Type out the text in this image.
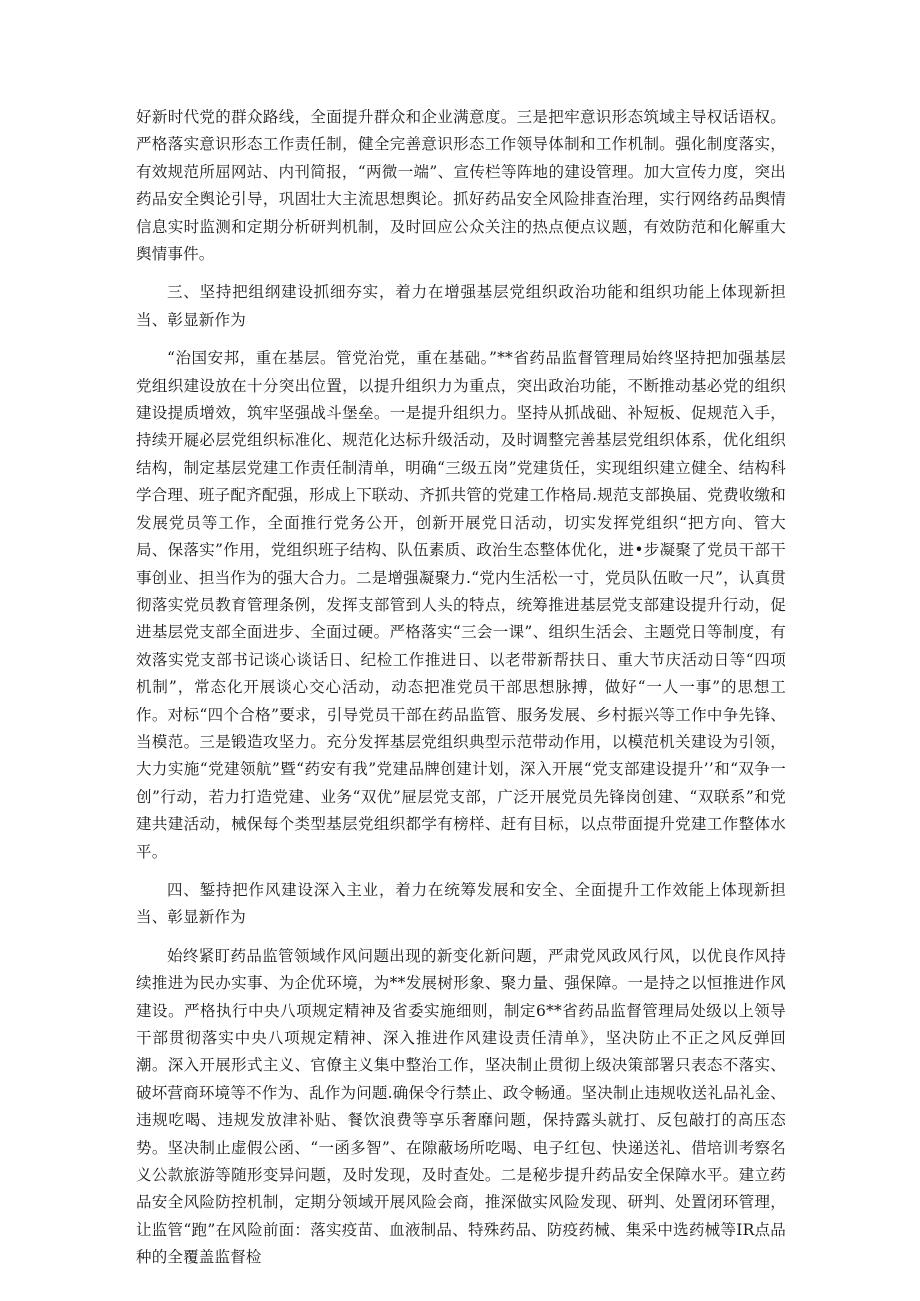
好新时代党的群众路线，全面提升群众和企业满意度。三是把牢意识形态筑域主导权话语权。严格落实意识形态工作责任制，健全完善意识形态工作领导体制和工作机制。强化制度落实，有效规范所屈网站、内刊简报，“两微一端”、宣传栏等阵地的建设管理。加大宣传力度，突出药品安全舆论引导，巩固壮大主流思想舆论。抓好药品安全风险排查治理，实行网络药品舆情信息实时监测和定期分析研判机制，及时回应公众关注的热点便点议题，有效防范和化解重大舆情事件。

三、坚持把组纲建设抓细夯实，着力在增强基层党组织政治功能和组织功能上体现新担当、彰显新作为

“治国安邦，重在基层。管党治党，重在基础。”**省药品监督管理局始终坚持把加强基层党组织建设放在十分突出位置，以提升组织力为重点，突出政治功能，不断推动基必党的组织建设提质增效，筑牢坚强战斗堡垒。一是提升组织力。坚持从抓战础、补短板、促规范入手，持续开屣必层党组织标准化、规范化达标升级活动，及时调整完善基层党组织体系，优化组织结构，制定基层党建工作责任制清单，明确“三级五岗”党建货任，实现组织建立健全、结构科学合理、班子配齐配强，形成上下联动、齐抓共管的党建工作格局.规范支部换届、党费收缴和发展党员等工作，全面推行党务公开，创新开展党日活动，切实发挥党组织“把方向、管大局、保落实”作用，党组织班子结构、队伍素质、政治生态整体优化，进•步凝聚了党员干部干事创业、担当作为的强大合力。二是增强凝聚力.“党内生活松一寸，党员队伍畋一尺”，认真贯彻落实党员教育管理条例，发挥支部管到人头的特点，统筹推进基层党支部建设提升行动，促进基层党支部全面进步、全面过硬。严格落实“三会一课”、组织生活会、主题党日等制度，有效落实党支部书记谈心谈话日、纪检工作推进日、以老带新帮扶日、重大节庆活动日等“四项机制”，常态化开展谈心交心活动，动态把准党员干部思想脉搏，做好“一人一事”的思想工作。对标“四个合格”要求，引导党员干部在药品监管、服务发展、乡村振兴等工作中争先锋、当模范。三是锻造攻坚力。充分发挥基层党组织典型示范带动作用，以模范机关建设为引领，大力实施“党建领航”暨“药安有我”党建品牌创建计划，深入开展“党支部建设提升’’和“双争一创”行动，若力打造党建、业务“双优”屉层党支部，广泛开展党员先锋岗创建、“双联系”和党建共建活动，械保每个类型基层党组织都学有榜样、赶有目标，以点带面提升党建工作整体水平。

四、錾持把作风建设深入主业，着力在统筹发展和安全、全面提升工作效能上体现新担当、彰显新作为

始终紧盯药品监管领域作风问题出现的新变化新问题，严肃党风政风行风，以优良作风持续推进为民办实事、为企优环境，为**发展树形象、聚力量、强保障。一是持之以恒推进作风建设。严格执行中央八项规定精神及省委实施细则，制定6**省药品监督管理局处级以上领导干部贯彻落实中央八项规定精神、深入推进作风建设责任清单》，坚决防止不正之风反弹回潮。深入开展形式主义、官僚主义集中整治工作，坚决制止贯彻上级决策部署只表态不落实、破坏营商环境等不作为、乱作为问题.确保令行禁止、政令畅通。坚决制止违规收送礼品礼金、违规吃喝、违规发放津补贴、餐饮浪费等享乐奢靡问题，保持露头就打、反包敲打的高压态势。坚决制止虚假公函、“一函多智”、在隙蔽场所吃喝、电子红包、快递送礼、借培训考察名义公款旅游等随形变异问题，及时发现，及时查处。二是秘步提升药品安全保障水平。建立药品安全风险防控机制，定期分领域开展风险会商，推深做实风险发现、研判、处置闭环管理，让监管“跑”在风险前面：落实疫苗、血液制品、特殊药品、防疫药械、集采中选药械等IR点品种的全覆盖监督检
